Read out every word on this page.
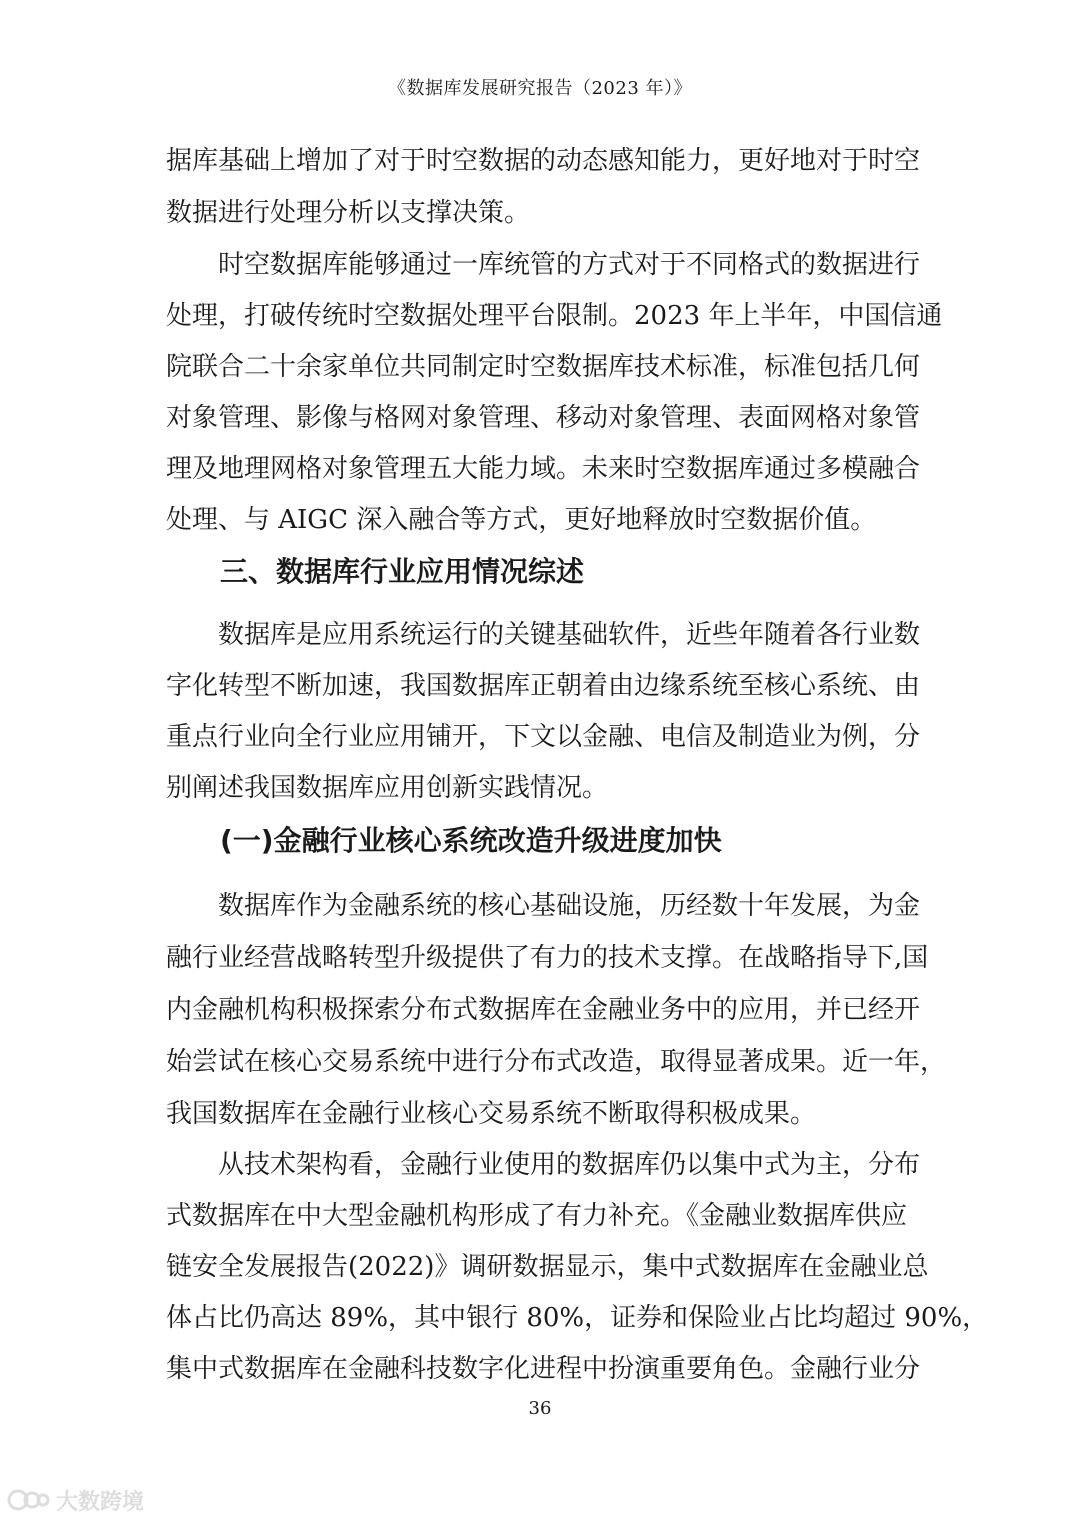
《数据库发展研究报告（2023 年）》
据库基础上增加了对于时空数据的动态感知能力，更好地对于时空
数据进行处理分析以支撑决策。
时空数据库能够通过一库统管的方式对于不同格式的数据进行
处理，打破传统时空数据处理平台限制。2023 年上半年，中国信通
院联合二十余家单位共同制定时空数据库技术标准，标准包括几何
对象管理、影像与格网对象管理、移动对象管理、表面网格对象管
理及地理网格对象管理五大能力域。未来时空数据库通过多模融合
处理、与 AIGC 深入融合等方式，更好地释放时空数据价值。
三、数据库行业应用情况综述
数据库是应用系统运行的关键基础软件，近些年随着各行业数
字化转型不断加速，我国数据库正朝着由边缘系统至核心系统、由
重点行业向全行业应用铺开，下文以金融、电信及制造业为例，分
别阐述我国数据库应用创新实践情况。
(一)金融行业核心系统改造升级进度加快
数据库作为金融系统的核心基础设施，历经数十年发展，为金
融行业经营战略转型升级提供了有力的技术支撑。在战略指导下,国
内金融机构积极探索分布式数据库在金融业务中的应用，并已经开
始尝试在核心交易系统中进行分布式改造，取得显著成果。近一年，
我国数据库在金融行业核心交易系统不断取得积极成果。
从技术架构看，金融行业使用的数据库仍以集中式为主，分布
式数据库在中大型金融机构形成了有力补充。《金融业数据库供应
链安全发展报告(2022)》调研数据显示，集中式数据库在金融业总
体占比仍高达 89%，其中银行 80%，证券和保险业占比均超过 90%，
集中式数据库在金融科技数字化进程中扮演重要角色。金融行业分
36
大数跨境
